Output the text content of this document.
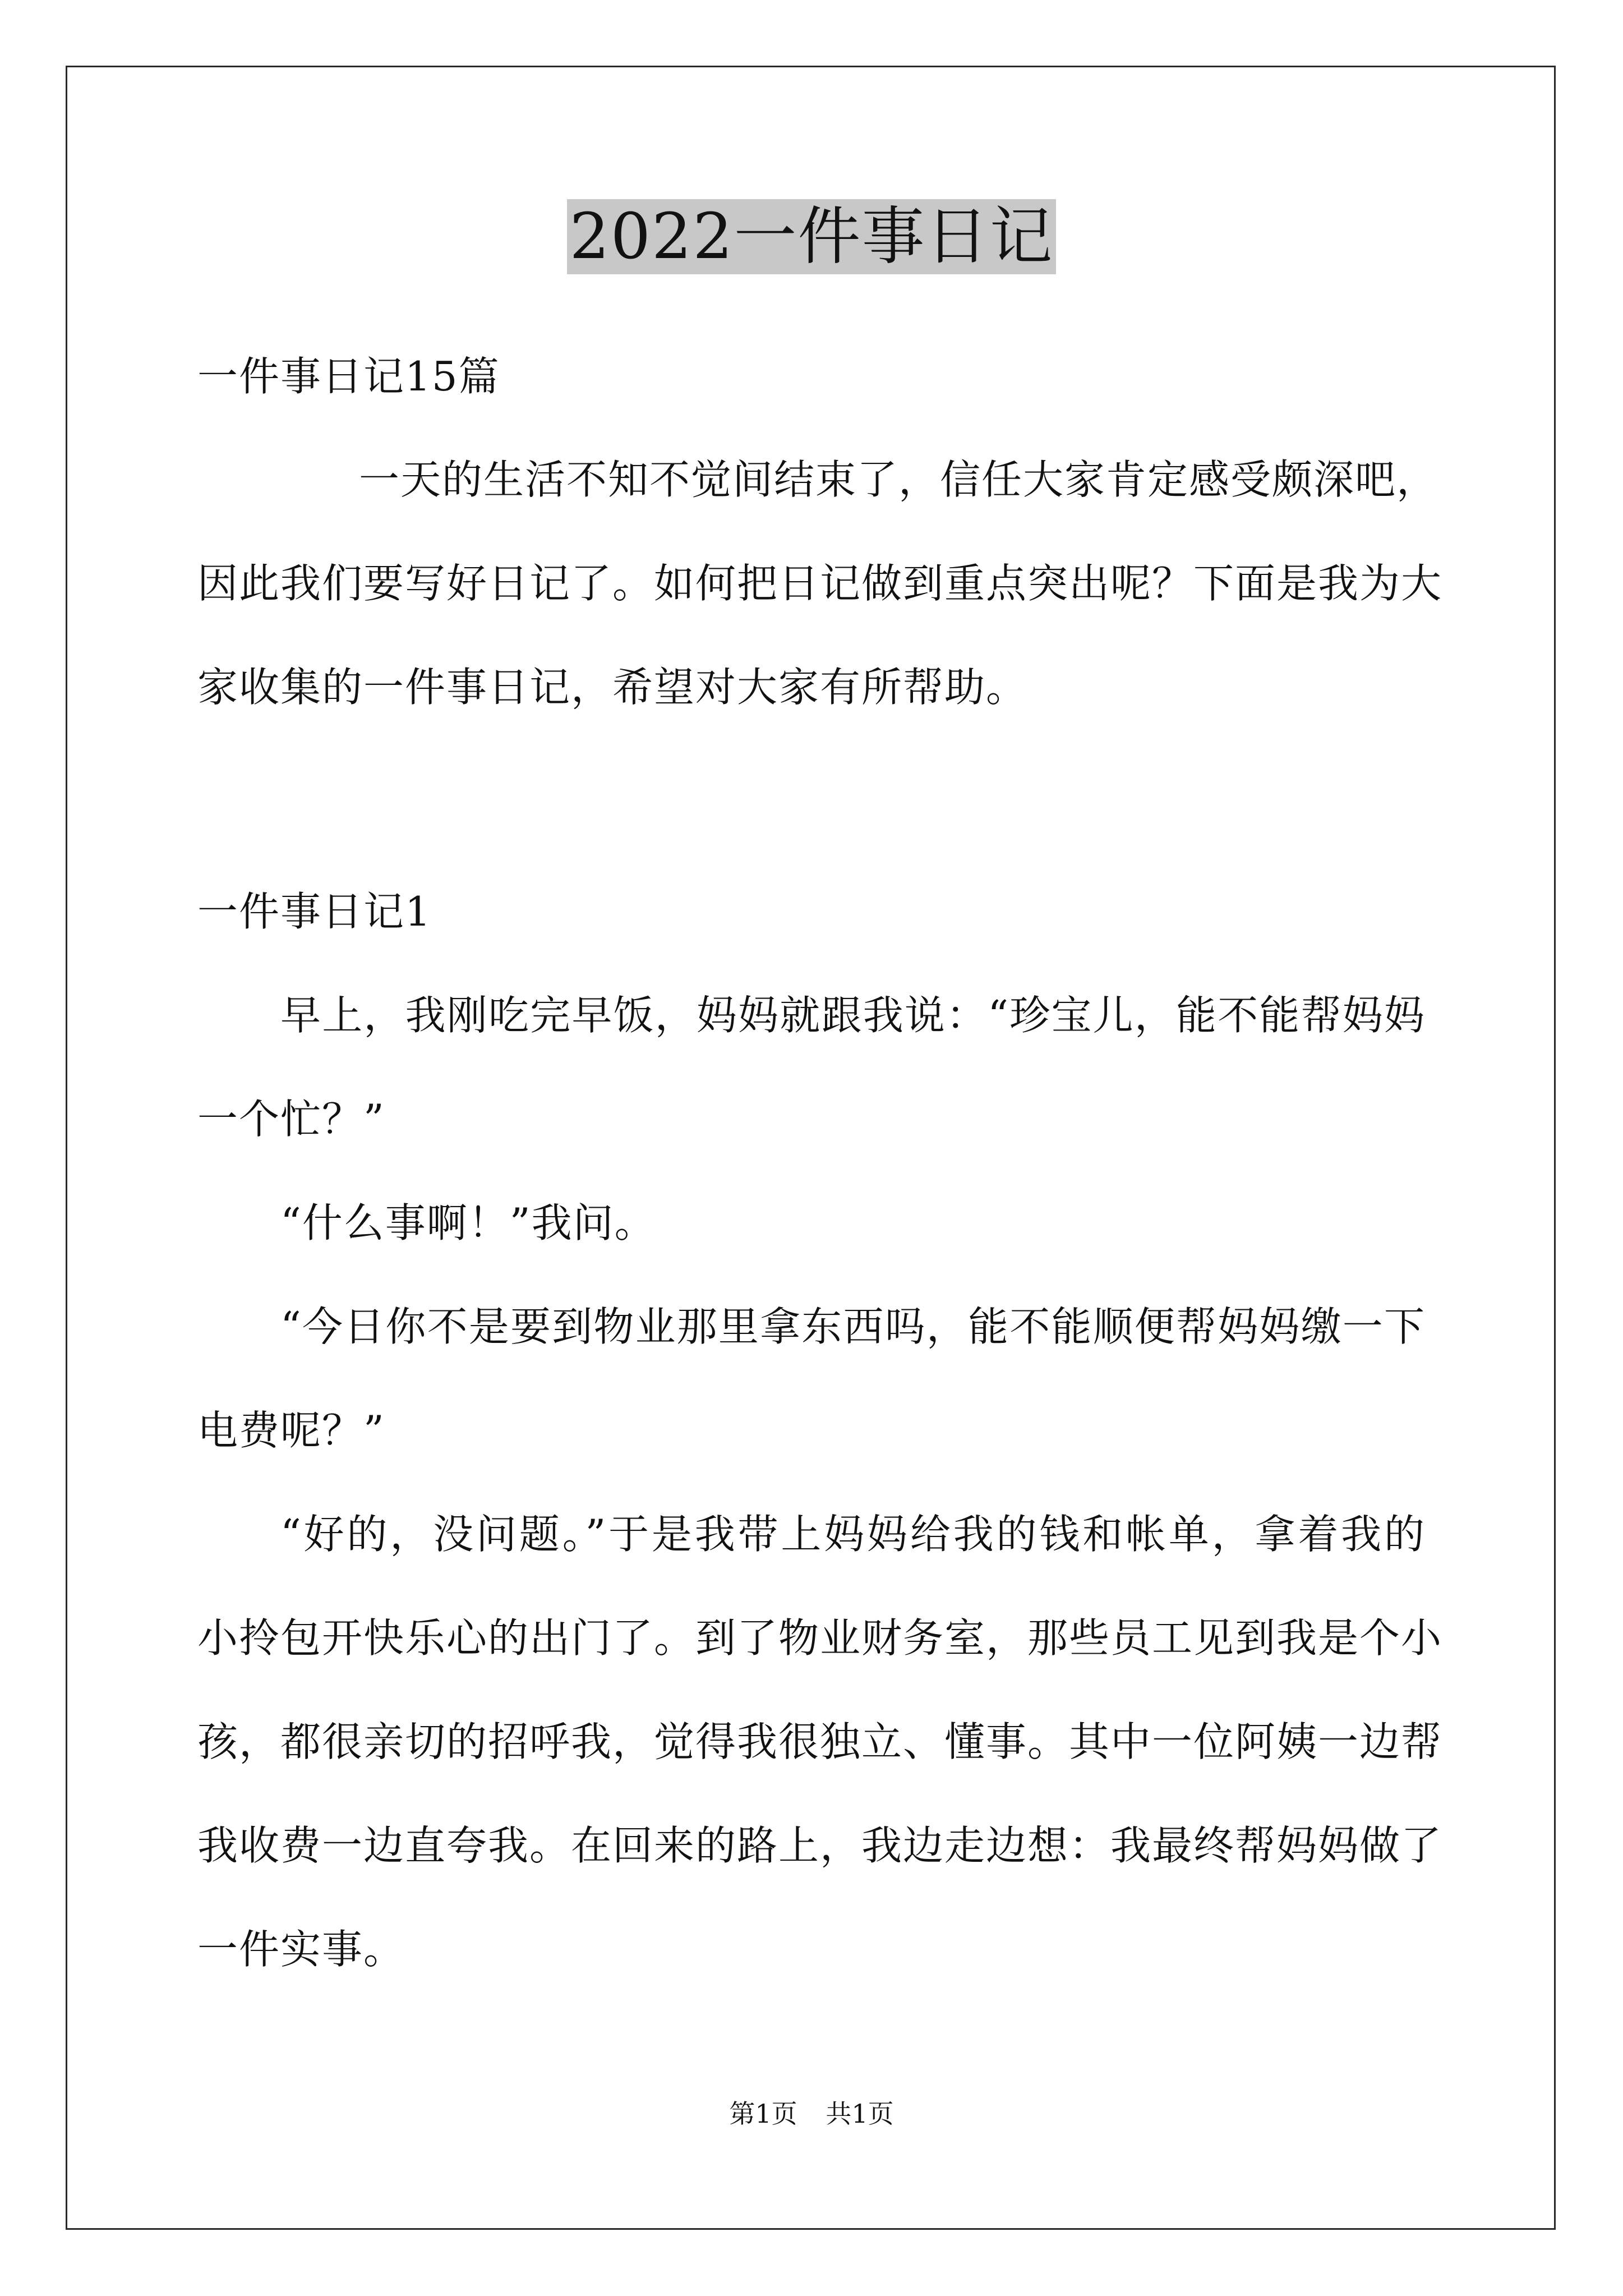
2022一件事日记
一件事日记15篇
一天的生活不知不觉间结束了，信任大家肯定感受颇深吧，
因此我们要写好日记了。如何把日记做到重点突出呢？下面是我为大
家收集的一件事日记，希望对大家有所帮助。
一件事日记1
早上，我刚吃完早饭，妈妈就跟我说：“珍宝儿，能不能帮妈妈
一个忙？”
“什么事啊！”我问。
“今日你不是要到物业那里拿东西吗，能不能顺便帮妈妈缴一下
电费呢？”
“好的，没问题。”于是我带上妈妈给我的钱和帐单，拿着我的
小拎包开快乐心的出门了。到了物业财务室，那些员工见到我是个小
孩，都很亲切的招呼我，觉得我很独立、懂事。其中一位阿姨一边帮
我收费一边直夸我。在回来的路上，我边走边想：我最终帮妈妈做了
一件实事。
第1页 共1页
